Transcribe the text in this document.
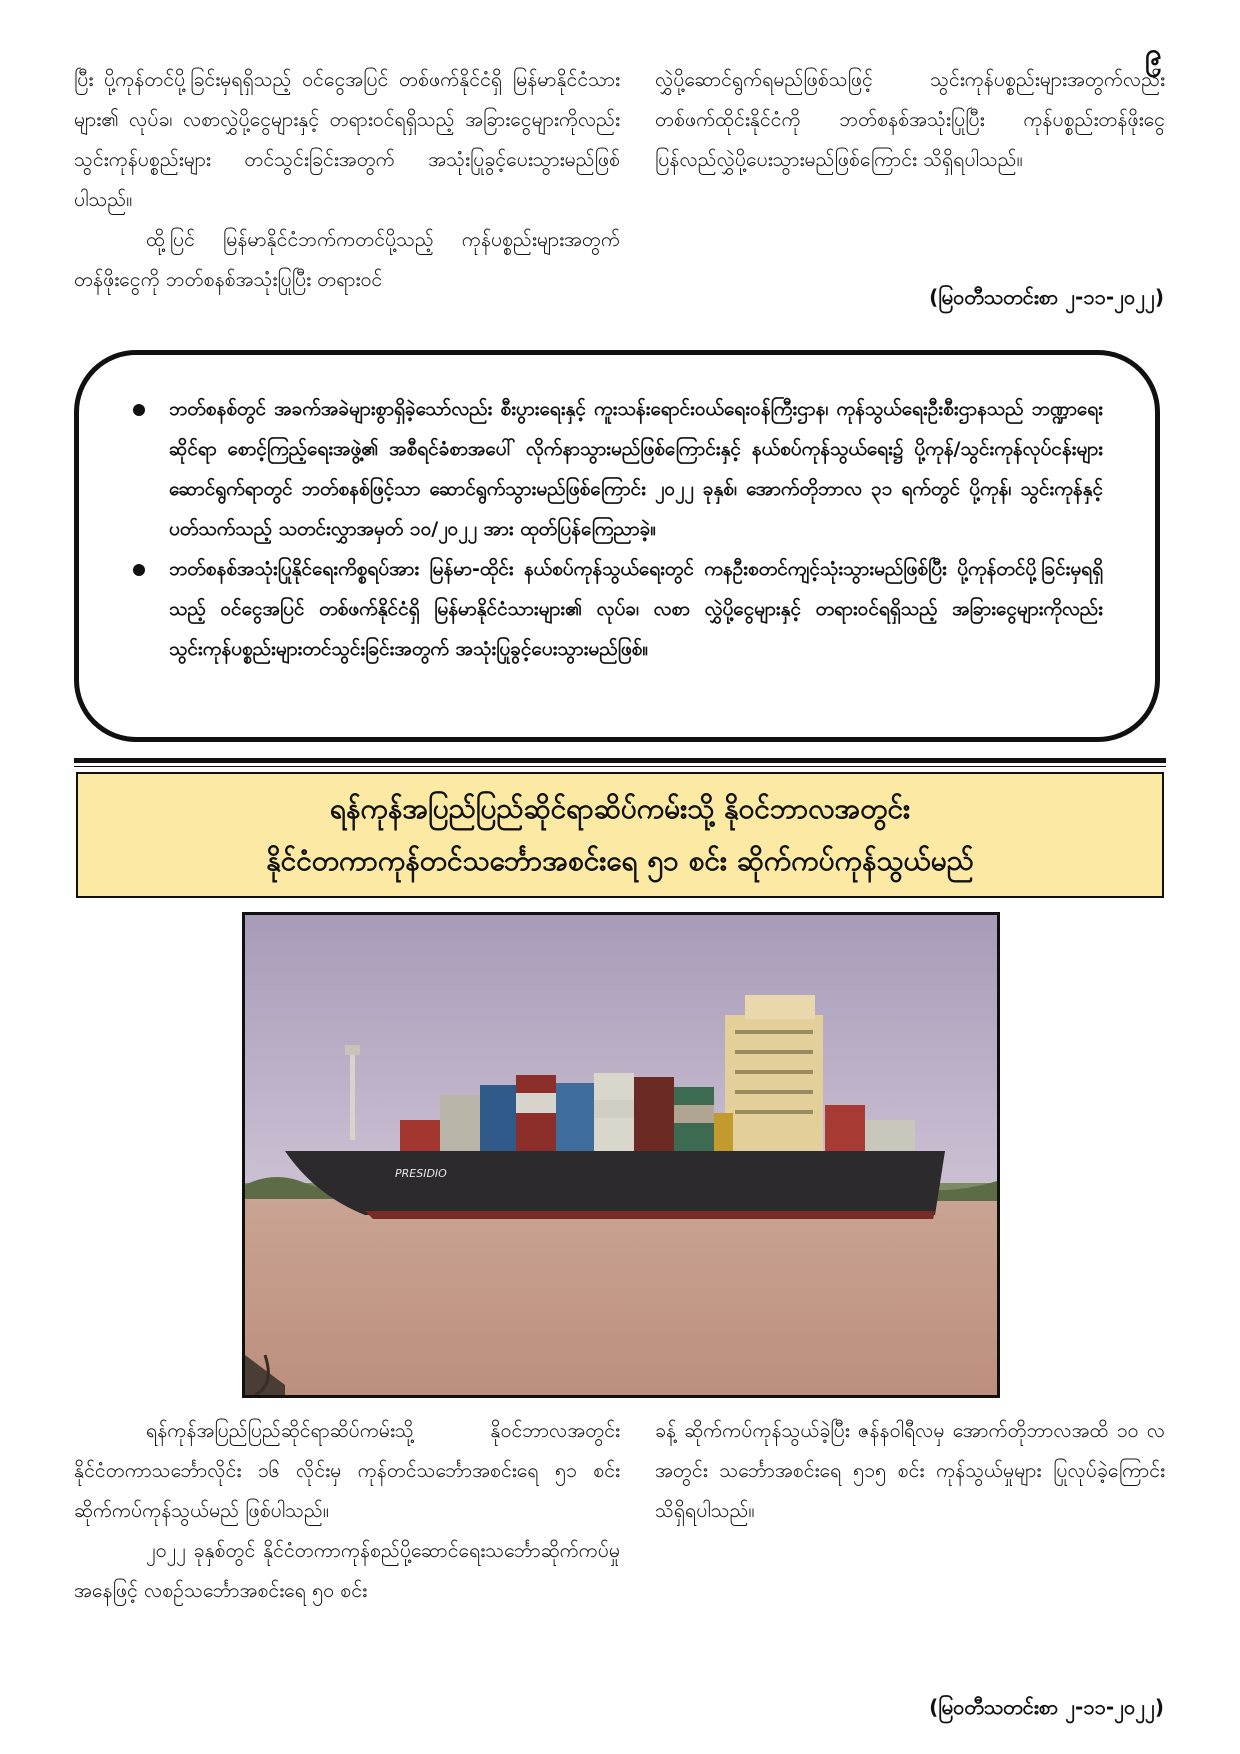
၉

ပြီး ပို့ကုန်တင်ပို့ခြင်းမှရရှိသည့် ဝင်ငွေအပြင် တစ်ဖက်နိုင်ငံရှိ မြန်မာနိုင်ငံသားများ၏ လုပ်ခ၊ လစာလွှဲပို့ငွေများနှင့် တရားဝင်ရရှိသည့် အခြားငွေများကိုလည်း သွင်းကုန်ပစ္စည်းများ တင်သွင်းခြင်းအတွက် အသုံးပြုခွင့်ပေးသွားမည်ဖြစ်ပါသည်။

ထို့ပြင် မြန်မာနိုင်ငံဘက်ကတင်ပို့သည့် ကုန်ပစ္စည်းများအတွက် တန်ဖိုးငွေကို ဘတ်စနစ်အသုံးပြုပြီး တရားဝင်

လွှဲပို့ဆောင်ရွက်ရမည်ဖြစ်သဖြင့် သွင်းကုန်ပစ္စည်းများအတွက်လည်း တစ်ဖက်ထိုင်းနိုင်ငံကို ဘတ်စနစ်အသုံးပြုပြီး ကုန်ပစ္စည်းတန်ဖိုးငွေ ပြန်လည်လွှဲပို့ပေးသွားမည်ဖြစ်ကြောင်း သိရှိရပါသည်။

(မြဝတီသတင်းစာ ၂-၁၁-၂၀၂၂)
ဘတ်စနစ်တွင် အခက်အခဲများစွာရှိခဲ့သော်လည်း စီးပွားရေးနှင့် ကူးသန်းရောင်းဝယ်ရေးဝန်ကြီးဌာန၊ ကုန်သွယ်ရေးဦးစီးဌာနသည် ဘဏ္ဍာရေးဆိုင်ရာ စောင့်ကြည့်ရေးအဖွဲ့၏ အစီရင်ခံစာအပေါ် လိုက်နာသွားမည်ဖြစ်ကြောင်းနှင့် နယ်စပ်ကုန်သွယ်ရေး၌ ပို့ကုန်/သွင်းကုန်လုပ်ငန်းများ ဆောင်ရွက်ရာတွင် ဘတ်စနစ်ဖြင့်သာ ဆောင်ရွက်သွားမည်ဖြစ်ကြောင်း ၂၀၂၂ ခုနှစ်၊ အောက်တိုဘာလ ၃၁ ရက်တွင် ပို့ကုန်၊ သွင်းကုန်နှင့်ပတ်သက်သည့် သတင်းလွှာအမှတ် ၁၀/၂၀၂၂ အား ထုတ်ပြန်ကြေညာခဲ့။
ဘတ်စနစ်အသုံးပြုနိုင်ရေးကိစ္စရပ်အား မြန်မာ-ထိုင်း နယ်စပ်ကုန်သွယ်ရေးတွင် ကနဦးစတင်ကျင့်သုံးသွားမည်ဖြစ်ပြီး ပို့ကုန်တင်ပို့ခြင်းမှရရှိသည့် ဝင်ငွေအပြင် တစ်ဖက်နိုင်ငံရှိ မြန်မာနိုင်ငံသားများ၏ လုပ်ခ၊ လစာ လွှဲပို့ငွေများနှင့် တရားဝင်ရရှိသည့် အခြားငွေများကိုလည်း သွင်းကုန်ပစ္စည်းများတင်သွင်းခြင်းအတွက် အသုံးပြုခွင့်ပေးသွားမည်ဖြစ်။
ရန်ကုန်အပြည်ပြည်ဆိုင်ရာဆိပ်ကမ်းသို့ နိုဝင်ဘာလအတွင်း
နိုင်ငံတကာကုန်တင်သင်္ဘောအစင်းရေ ၅၁ စင်း ဆိုက်ကပ်ကုန်သွယ်မည်
PRESIDIO

ရန်ကုန်အပြည်ပြည်ဆိုင်ရာဆိပ်ကမ်းသို့ နိုဝင်ဘာလအတွင်း နိုင်ငံတကာသင်္ဘောလိုင်း ၁၆ လိုင်းမှ ကုန်တင်သင်္ဘောအစင်းရေ ၅၁ စင်း ဆိုက်ကပ်ကုန်သွယ်မည် ဖြစ်ပါသည်။

၂၀၂၂ ခုနှစ်တွင် နိုင်ငံတကာကုန်စည်ပို့ဆောင်ရေးသင်္ဘောဆိုက်ကပ်မှုအနေဖြင့် လစဉ်သင်္ဘောအစင်းရေ ၅၀ စင်း

ခန့် ဆိုက်ကပ်ကုန်သွယ်ခဲ့ပြီး ဇန်နဝါရီလမှ အောက်တိုဘာလအထိ ၁၀ လအတွင်း သင်္ဘောအစင်းရေ ၅၁၅ စင်း ကုန်သွယ်မှုများ ပြုလုပ်ခဲ့ကြောင်း သိရှိရပါသည်။

(မြဝတီသတင်းစာ ၂-၁၁-၂၀၂၂)
